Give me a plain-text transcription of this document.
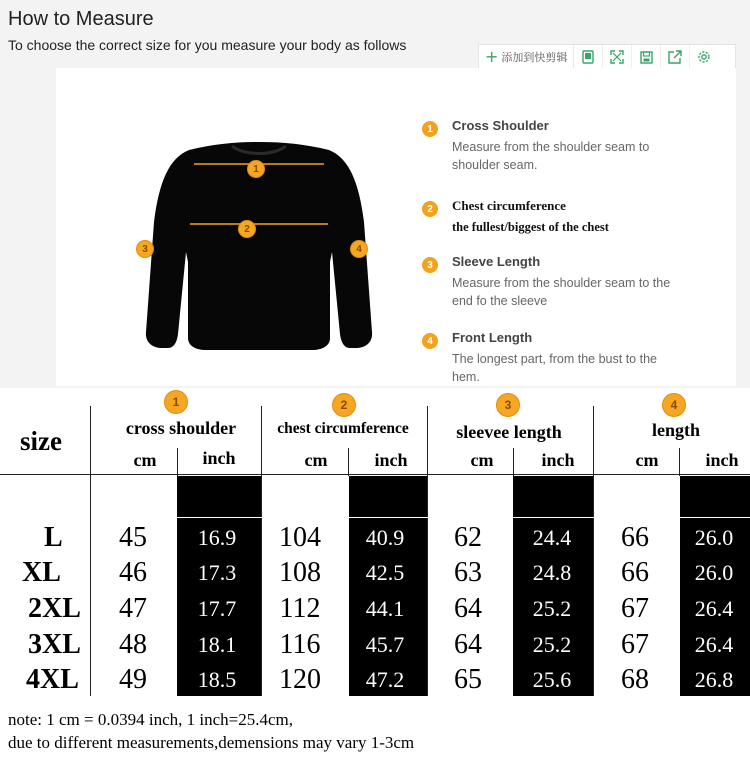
How to Measure
To choose the correct size for you measure your body as follows
+ 添加到快剪辑
1
2
3	4
1	Cross Shoulder
Measure from the shoulder seam to shoulder seam.
2	Chest circumference
the fullest/biggest of the chest
3	Sleeve Length
Measure from the shoulder seam to the end fo the sleeve
4	Front Length
The longest part, from the bust to the hem.
size
1	2	3	4
cross shoulder	chest circumference	sleevee length	length
cm	inch	cm	inch	cm	inch	cm	inch
L 45 16.9 104 40.9 62 24.4 66 26.0
XL 46 17.3 108 42.5 63 24.8 66 26.0
2XL 47 17.7 112 44.1 64 25.2 67 26.4
3XL 48 18.1 116 45.7 64 25.2 67 26.4
4XL 49 18.5 120 47.2 65 25.6 68 26.8
note: 1 cm = 0.0394 inch, 1 inch=25.4cm,
due to different measurements,demensions may vary 1-3cm
